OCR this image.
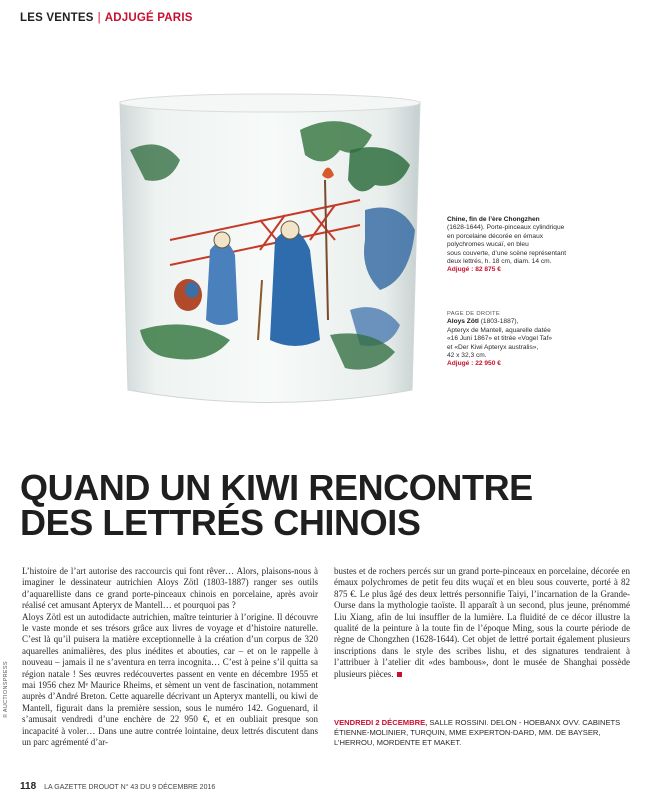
LES VENTES | ADJUGÉ PARIS
Chine, fin de l’ère Chongzhen
(1628-1644). Porte-pinceaux cylindrique
en porcelaine décorée en émaux
polychromes wucaï, en bleu
sous couverte, d’une scène représentant
deux lettrés, h. 18 cm, diam. 14 cm.
Adjugé : 82 875 €
PAGE DE DROITE
Aloys Zötl (1803-1887),
Apteryx de Mantell, aquarelle datée
«16 Juni 1867» et titrée «Vogel Taf»
et «Der Kiwi Apteryx australis»,
42 x 32,3 cm.
Adjugé : 22 950 €
QUAND UN KIWI RENCONTRE
DES LETTRÉS CHINOIS

L’histoire de l’art autorise des raccourcis qui font rêver… Alors, plaisons-nous à imaginer le dessinateur autrichien Aloys Zötl (1803-1887) ranger ses outils d’aquarelliste dans ce grand porte-pinceaux chinois en porcelaine, après avoir réalisé cet amusant Apteryx de Mantell… et pourquoi pas ?

Aloys Zötl est un autodidacte autrichien, maître teinturier à l’origine. Il découvre le vaste monde et ses trésors grâce aux livres de voyage et d’histoire naturelle. C’est là qu’il puisera la matière exceptionnelle à la création d’un corpus de 320 aquarelles animalières, des plus inédites et abouties, car – et on le rappelle à nouveau – jamais il ne s’aventura en terra incognita… C’est à peine s’il quitta sa région natale ! Ses œuvres redécouvertes passent en vente en décembre 1955 et mai 1956 chez Mᵉ Maurice Rheims, et sèment un vent de fascination, notamment auprès d’André Breton. Cette aquarelle décrivant un Apteryx mantelli, ou kiwi de Mantell, figurait dans la première session, sous le numéro 142. Goguenard, il s’amusait vendredi d’une enchère de 22 950 €, et en oubliait presque son incapacité à voler… Dans une autre contrée lointaine, deux lettrés discutent dans un parc agrémenté d’ar-

bustes et de rochers percés sur un grand porte-pinceaux en porcelaine, décorée en émaux polychromes de petit feu dits wuçaï et en bleu sous couverte, porté à 82 875 €. Le plus âgé des deux lettrés personnifie Taiyi, l’incarnation de la Grande-Ourse dans la mythologie taoïste. Il apparaît à un second, plus jeune, prénommé Liu Xiang, afin de lui insuffler de la lumière. La fluidité de ce décor illustre la qualité de la peinture à la toute fin de l’époque Ming, sous la courte période de règne de Chongzhen (1628-1644). Cet objet de lettré portait également plusieurs inscriptions dans le style des scribes lishu, et des signatures tendraient à l’attribuer à l’atelier dit «des bambous», dont le musée de Shanghai possède plusieurs pièces.

VENDREDI 2 DÉCEMBRE, SALLE ROSSINI. DELON - HOEBANX OVV. CABINETS ÉTIENNE-MOLINIER, TURQUIN, MME EXPERTON-DARD, MM. DE BAYSER, L’HERROU, MORDENTE ET MAKET.
© AUCTIONSPRESS
118 LA GAZETTE DROUOT N° 43 DU 9 DÉCEMBRE 2016
